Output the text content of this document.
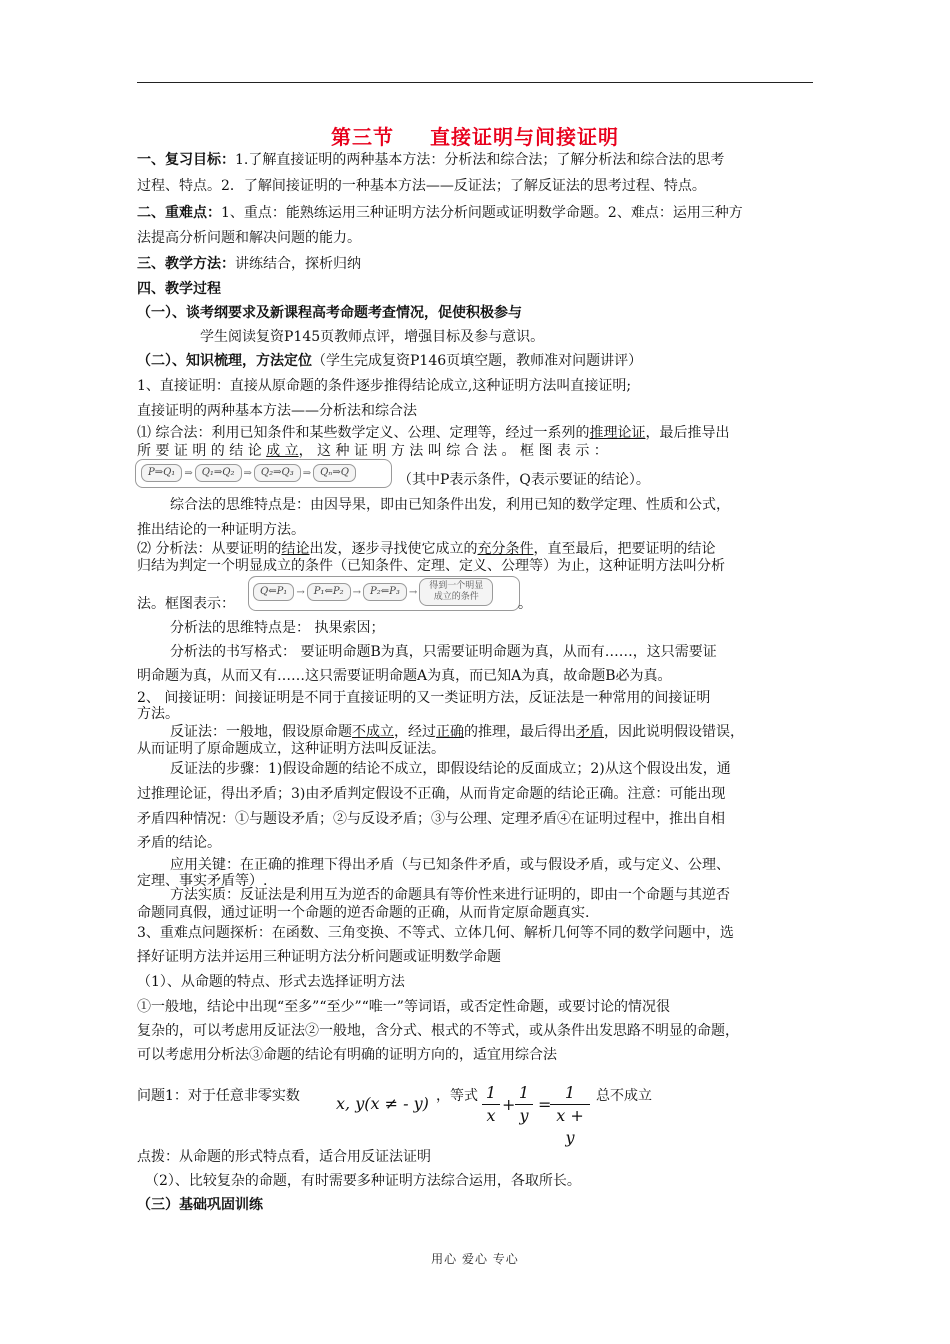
第三节 直接证明与间接证明
一、复习目标：1.了解直接证明的两种基本方法：分析法和综合法；了解分析法和综合法的思考
过程、特点。2．了解间接证明的一种基本方法——反证法；了解反证法的思考过程、特点。
二、重难点：1、重点：能熟练运用三种证明方法分析问题或证明数学命题。2、难点：运用三种方
法提高分析问题和解决问题的能力。
三、教学方法：讲练结合，探析归纳
四、教学过程
（一）、谈考纲要求及新课程高考命题考查情况，促使积极参与
学生阅读复资P145页教师点评，增强目标及参与意识。
（二）、知识梳理，方法定位（学生完成复资P146页填空题，教师准对问题讲评）
1、直接证明：直接从原命题的条件逐步推得结论成立,这种证明方法叫直接证明;
直接证明的两种基本方法——分析法和综合法
⑴ 综合法：利用已知条件和某些数学定义、公理、定理等，经过一系列的推理论证，最后推导出
所 要 证 明 的 结 论 成 立， 这 种 证 明 方 法 叫 综 合 法 。 框 图 表 示 ：
P⇒Q₁ ⇒ Q₁⇒Q₂ ⇒ Q₂⇒Q₃ ⇒ Qₙ⇒Q	（其中P表示条件，Q表示要证的结论）。
综合法的思维特点是：由因导果，即由已知条件出发，利用已知的数学定理、性质和公式，
推出结论的一种证明方法。
⑵ 分析法：从要证明的结论出发，逐步寻找使它成立的充分条件，直至最后，把要证明的结论
归结为判定一个明显成立的条件（已知条件、定理、定义、公理等）为止，这种证明方法叫分析
法。框图表示：
Q⇐P₁ → P₁⇐P₂ → P₂⇐P₃ →
得到一个明显成立的条件	。
分析法的思维特点是： 执果索因；
分析法的书写格式： 要证明命题B为真，只需要证明命题为真，从而有……，这只需要证
明命题为真，从而又有……这只需要证明命题A为真，而已知A为真，故命题B必为真。
2、 间接证明：间接证明是不同于直接证明的又一类证明方法，反证法是一种常用的间接证明
方法。
反证法：一般地，假设原命题不成立，经过正确的推理，最后得出矛盾，因此说明假设错误，
从而证明了原命题成立，这种证明方法叫反证法。
反证法的步骤：1)假设命题的结论不成立，即假设结论的反面成立；2)从这个假设出发，通
过推理论证，得出矛盾；3)由矛盾判定假设不正确，从而肯定命题的结论正确。注意：可能出现
矛盾四种情况：①与题设矛盾；②与反设矛盾；③与公理、定理矛盾④在证明过程中，推出自相
矛盾的结论。
应用关键：在正确的推理下得出矛盾（与已知条件矛盾，或与假设矛盾，或与定义、公理、
定理、事实矛盾等）.
方法实质：反证法是利用互为逆否的命题具有等价性来进行证明的，即由一个命题与其逆否
命题同真假，通过证明一个命题的逆否命题的正确，从而肯定原命题真实.
3、重难点问题探析：在函数、三角变换、不等式、立体几何、解析几何等不同的数学问题中，选
择好证明方法并运用三种证明方法分析问题或证明数学命题
（1）、从命题的特点、形式去选择证明方法
①一般地，结论中出现“至多”“至少”“唯一”等词语，或否定性命题，或要讨论的情况很
复杂的，可以考虑用反证法②一般地，含分式、根式的不等式，或从条件出发思路不明显的命题，
可以考虑用分析法③命题的结论有明确的证明方向的，适宜用综合法
问题1：对于任意非零实数	x, y(x ≠ - y) ，等式 $\frac{1}{x} + \frac{1}{y}$ =
$\frac{1}{x + y}$ 总不成立
点拨：从命题的形式特点看，适合用反证法证明
（2）、比较复杂的命题，有时需要多种证明方法综合运用，各取所长。
（三）基础巩固训练
用心 爱心 专心
